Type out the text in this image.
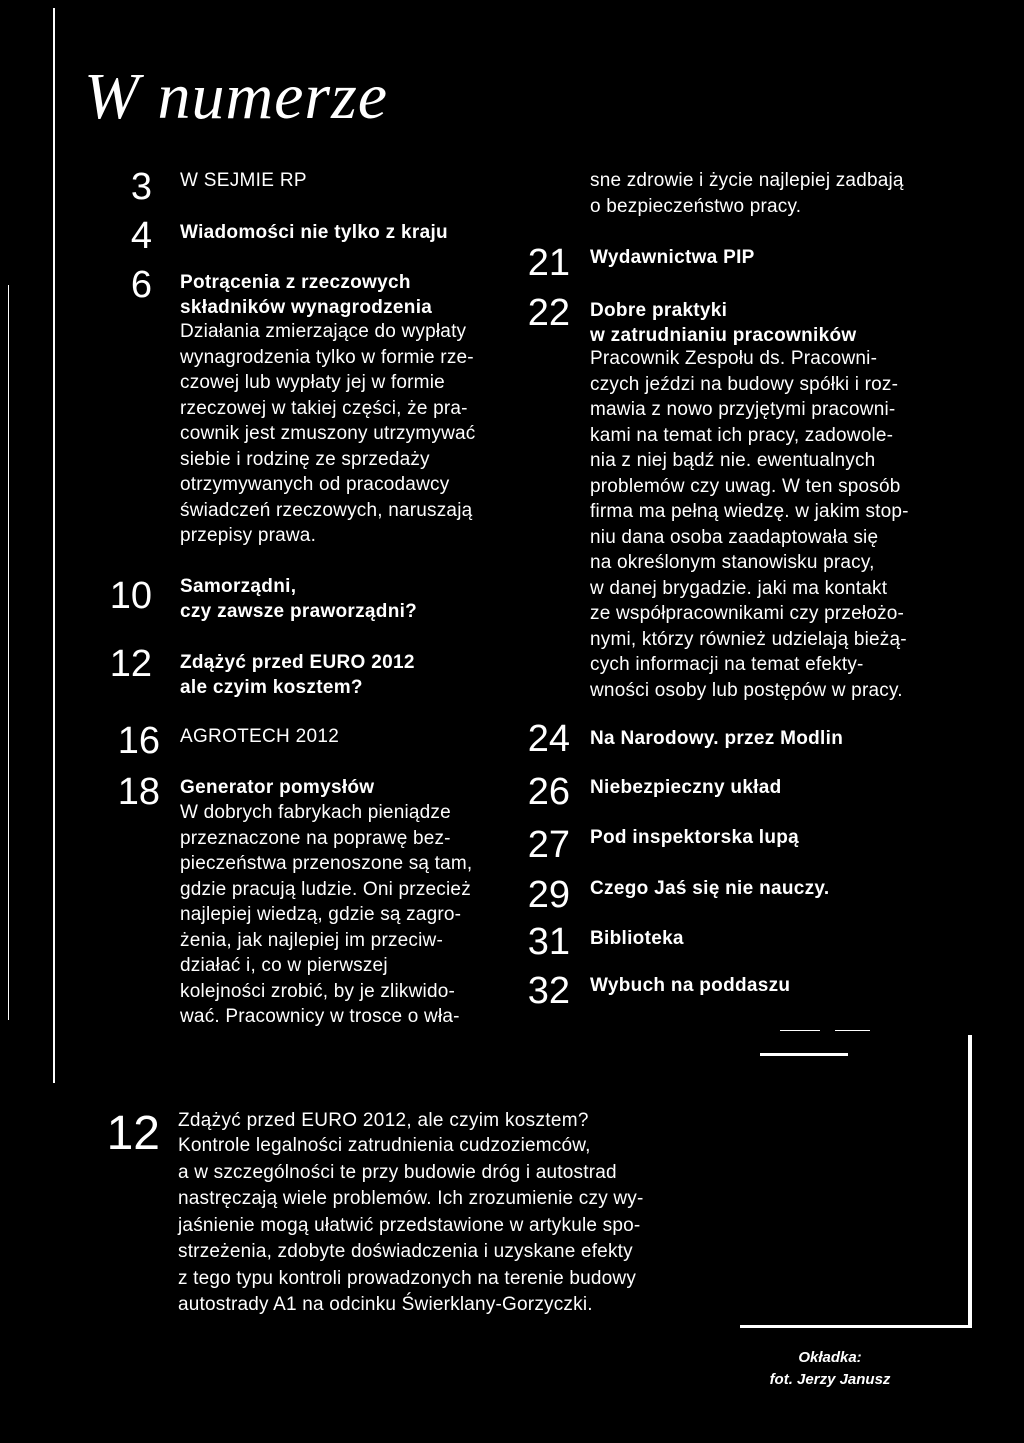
W numerze
3 W SEJMIE RP
4 Wiadomości nie tylko z kraju
6 Potrącenia z rzeczowych
składników wynagrodzenia
Działania zmierzające do wypłaty
wynagrodzenia tylko w formie rze-
czowej lub wypłaty jej w formie
rzeczowej w takiej części, że pra-
cownik jest zmuszony utrzymywać
siebie i rodzinę ze sprzedaży
otrzymywanych od pracodawcy
świadczeń rzeczowych, naruszają
przepisy prawa.
10 Samorządni,
czy zawsze praworządni?
12 Zdążyć przed EURO 2012
ale czyim kosztem?
16 AGROTECH 2012
18 Generator pomysłów
W dobrych fabrykach pieniądze
przeznaczone na poprawę bez-
pieczeństwa przenoszone są tam,
gdzie pracują ludzie. Oni przecież
najlepiej wiedzą, gdzie są zagro-
żenia, jak najlepiej im przeciw-
działać i, co w pierwszej
kolejności zrobić, by je zlikwido-
wać. Pracownicy w trosce o wła-
sne zdrowie i życie najlepiej zadbają
o bezpieczeństwo pracy.
21 Wydawnictwa PIP
22 Dobre praktyki
w zatrudnianiu pracowników
Pracownik Zespołu ds. Pracowni-
czych jeździ na budowy spółki i roz-
mawia z nowo przyjętymi pracowni-
kami na temat ich pracy, zadowole-
nia z niej bądź nie. ewentualnych
problemów czy uwag. W ten sposób
firma ma pełną wiedzę. w jakim stop-
niu dana osoba zaadaptowała się
na określonym stanowisku pracy,
w danej brygadzie. jaki ma kontakt
ze współpracownikami czy przełożo-
nymi, którzy również udzielają bieżą-
cych informacji na temat efekty-
wności osoby lub postępów w pracy.
24 Na Narodowy. przez Modlin
26 Niebezpieczny układ
27 Pod inspektorska lupą
29 Czego Jaś się nie nauczy.
31 Biblioteka
32 Wybuch na poddaszu
12 Zdążyć przed EURO 2012, ale czyim kosztem?
Kontrole legalności zatrudnienia cudzoziemców,
a w szczególności te przy budowie dróg i autostrad
nastręczają wiele problemów. Ich zrozumienie czy wy-
jaśnienie mogą ułatwić przedstawione w artykule spo-
strzeżenia, zdobyte doświadczenia i uzyskane efekty
z tego typu kontroli prowadzonych na terenie budowy
autostrady A1 na odcinku Świerklany-Gorzyczki.
Okładka:
fot. Jerzy Janusz
